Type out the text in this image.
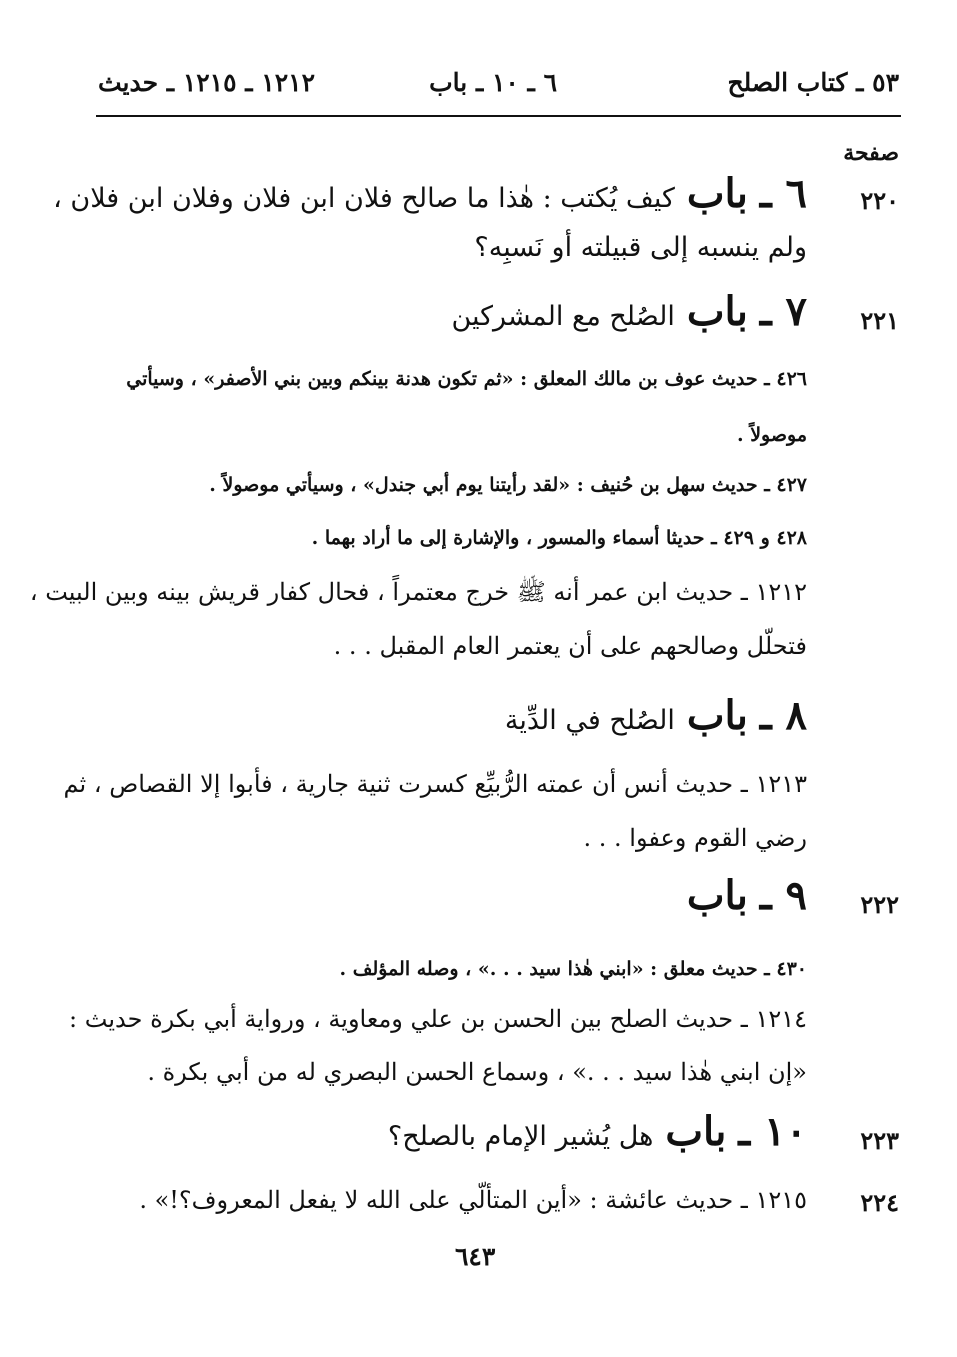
٥٣ ـ كتاب الصلح
٦ ـ ١٠ ـ باب
١٢١٢ ـ ١٢١٥ ـ حديث
صفحة
٢٢٠
٦ ـ
باب
كيف يُكتب : هٰذا ما صالح فلان ابن فلان وفلان ابن فلان ،
ولم ينسبه إلى قبيلته أو نَسبِه؟
٢٢١
٧ ـ
باب
الصُلح مع المشركين
٤٢٦ ـ حديث عوف بن مالك المعلق : «ثم تكون هدنة بينكم وبين بني الأصفر» ، وسيأتي
موصولاً .
٤٢٧ ـ حديث سهل بن حُنيف : «لقد رأيتنا يوم أبي جندل» ، وسيأتي موصولاً .
٤٢٨ و ٤٢٩ ـ حديثا أسماء والمسور ، والإشارة إلى ما أراد بهما .
١٢١٢ ـ حديث ابن عمر أنه ﷺ خرج معتمراً ، فحال كفار قريش بينه وبين البيت ،
فتحلّل وصالحهم على أن يعتمر العام المقبل . . .
٨ ـ
باب
الصُلح في الدِّية
١٢١٣ ـ حديث أنس أن عمته الرُّبيِّع كسرت ثنية جارية ، فأبوا إلا القصاص ، ثم
رضي القوم وعفوا . . .
٢٢٢
٩ ـ
باب
٤٣٠ ـ حديث معلق : «ابني هٰذا سيد . . .» ، وصله المؤلف .
١٢١٤ ـ حديث الصلح بين الحسن بن علي ومعاوية ، ورواية أبي بكرة حديث :
«إن ابني هٰذا سيد . . .» ، وسماع الحسن البصري له من أبي بكرة .
٢٢٣
١٠ ـ
باب
هل يُشير الإمام بالصلح؟
٢٢٤
١٢١٥ ـ حديث عائشة : «أين المتألّي على الله لا يفعل المعروف؟!» .
٦٤٣
